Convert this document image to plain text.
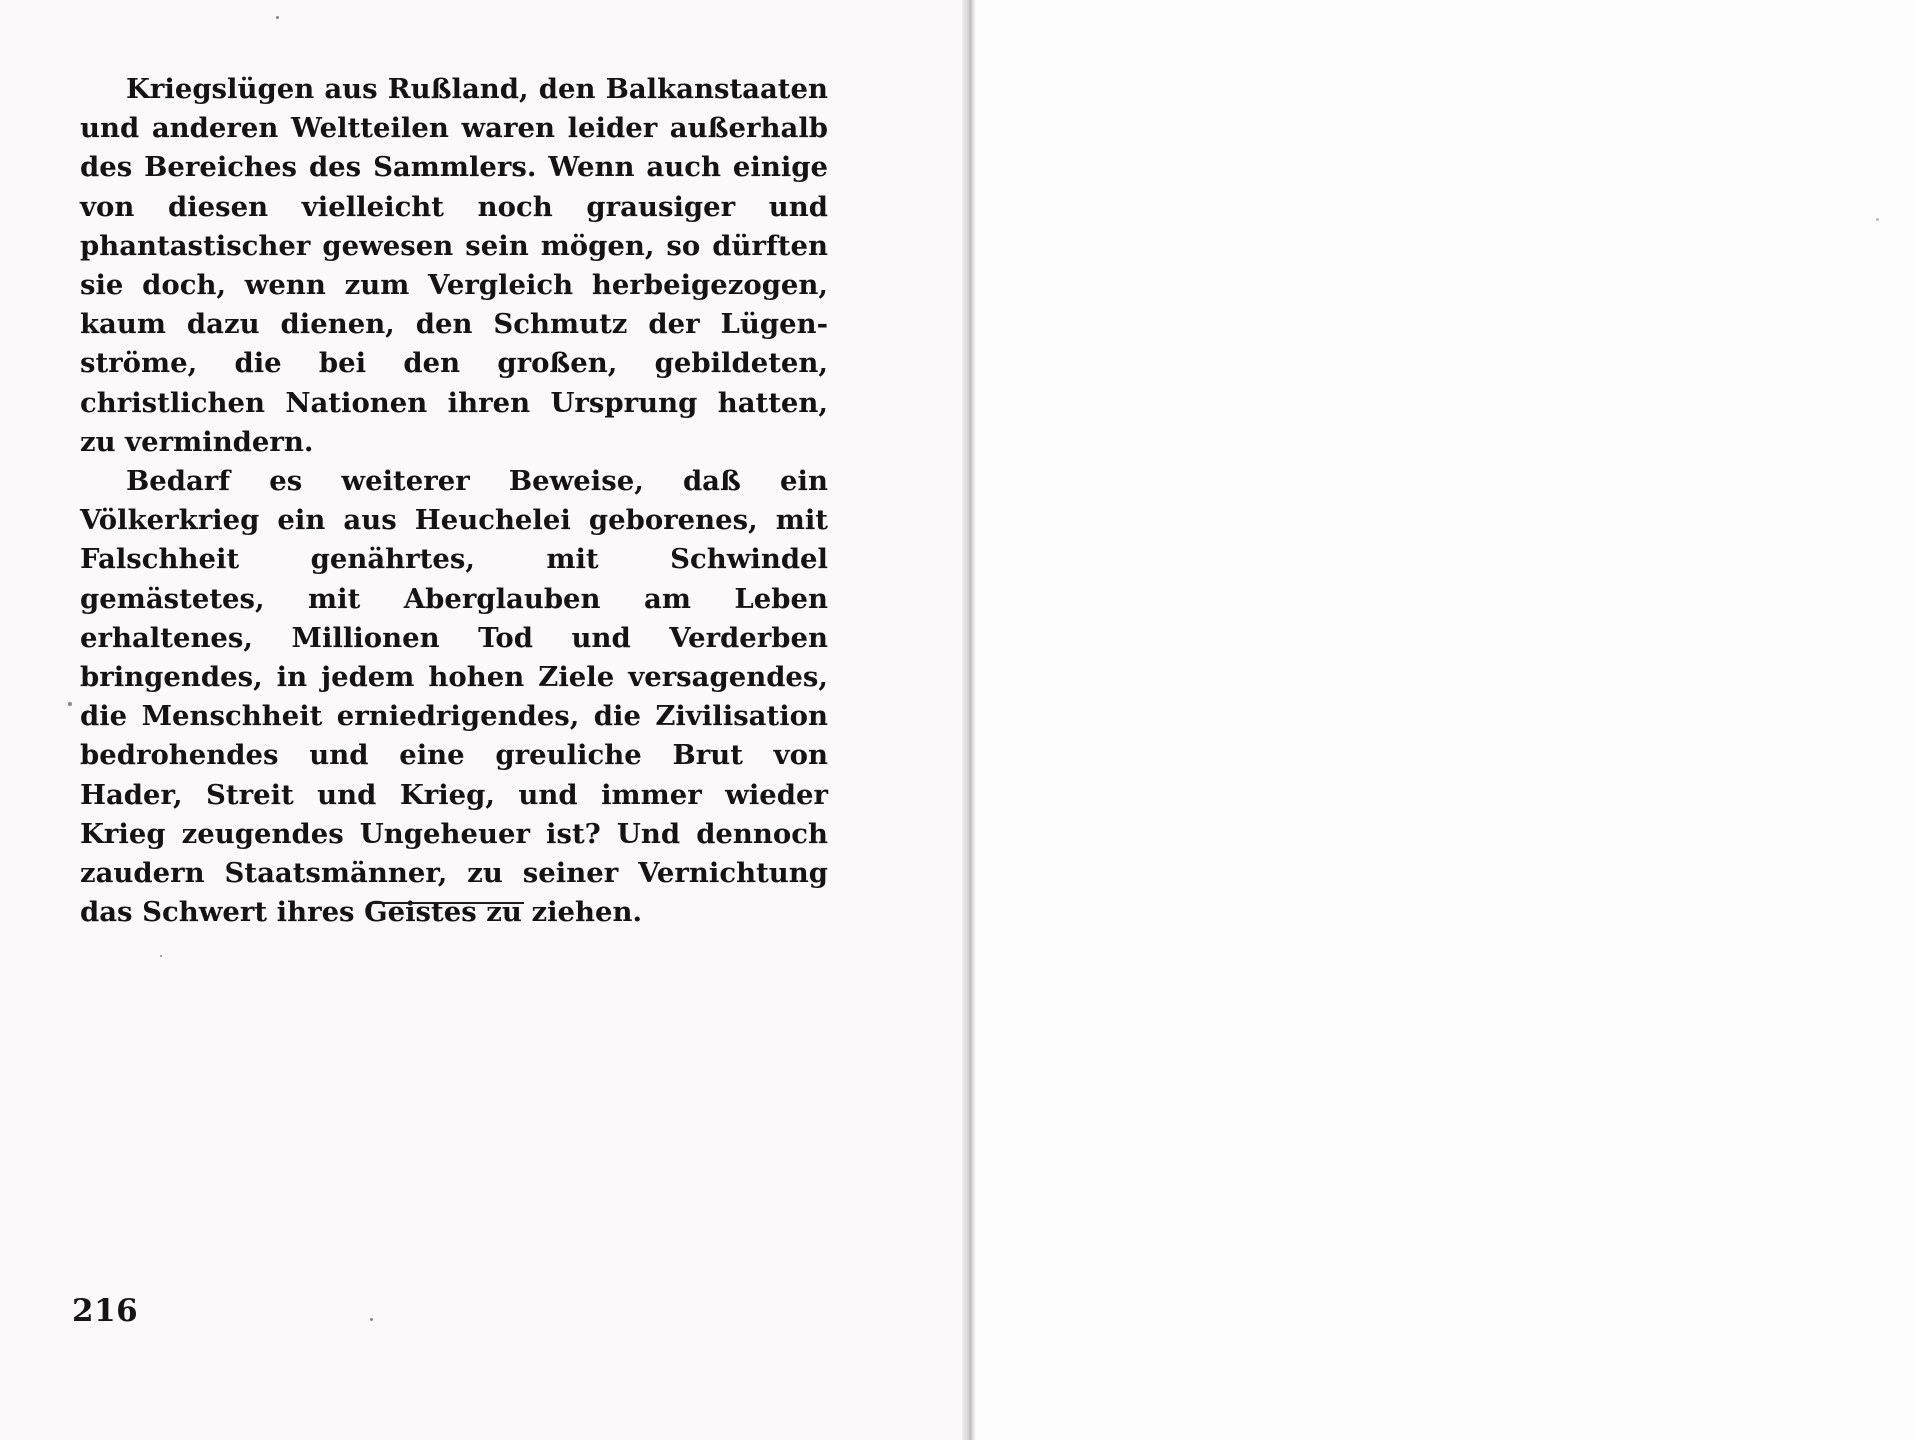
Kriegslügen aus Rußland, den Balkanstaaten und anderen Weltteilen waren leider außerhalb des Bereiches des Sammlers. Wenn auch einige von diesen vielleicht noch grausiger und phantastischer gewesen sein mögen, so dürften sie doch, wenn zum Vergleich herbeigezogen, kaum dazu dienen, den Schmutz der Lügenströme, die bei den großen, gebildeten, christlichen Nationen ihren Ursprung hatten, zu vermindern.

Bedarf es weiterer Beweise, daß ein Völkerkrieg ein aus Heuchelei geborenes, mit Falschheit genährtes, mit Schwindel gemästetes, mit Aberglauben am Leben erhaltenes, Millionen Tod und Verderben bringendes, in jedem hohen Ziele versagendes, die Menschheit erniedrigendes, die Zivilisation bedrohendes und eine greuliche Brut von Hader, Streit und Krieg, und immer wieder Krieg zeugendes Ungeheuer ist? Und dennoch zaudern Staatsmänner, zu seiner Vernichtung das Schwert ihres Geistes zu ziehen.

216
